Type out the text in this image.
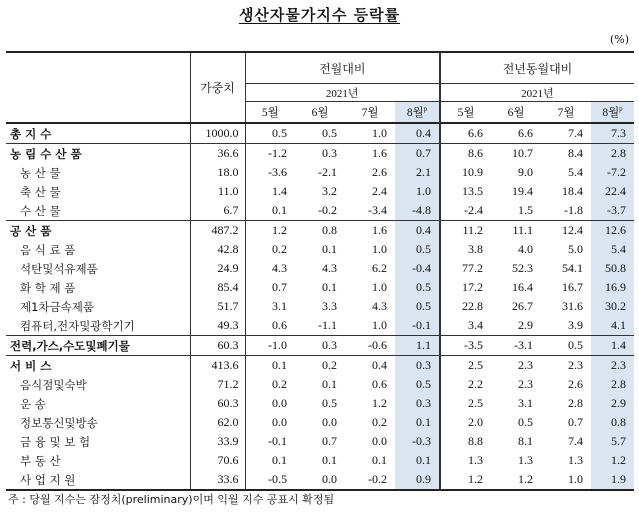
생산자물가지수 등락률
(%)
	가중치	전월대비				전년동월대비			
		2021년				2021년			
		5월	6월	7월	8월$^p$	5월	6월	7월	8월$^p$
총 지 수	1000.0	0.5	0.5	1.0	0.4	6.6	6.6	7.4	7.3
농 림 수 산 품	36.6	-1.2	0.3	1.6	0.7	8.6	10.7	8.4	2.8
농 산 물	18.0	-3.6	-2.1	2.6	2.1	10.9	9.0	5.4	-7.2
축 산 물	11.0	1.4	3.2	2.4	1.0	13.5	19.4	18.4	22.4
수 산 물	6.7	0.1	-0.2	-3.4	-4.8	-2.4	1.5	-1.8	-3.7
공 산 품	487.2	1.2	0.8	1.6	0.4	11.2	11.1	12.4	12.6
음 식 료 품	42.8	0.2	0.1	1.0	0.5	3.8	4.0	5.0	5.4
석탄및석유제품	24.9	4.3	4.3	6.2	-0.4	77.2	52.3	54.1	50.8
화 학 제 품	85.4	0.7	0.1	1.0	0.5	17.2	16.4	16.7	16.9
제1차금속제품	51.7	3.1	3.3	4.3	0.5	22.8	26.7	31.6	30.2
컴퓨터,전자및광학기기	49.3	0.6	-1.1	1.0	-0.1	3.4	2.9	3.9	4.1
전력,가스,수도및폐기물	60.3	-1.0	0.3	-0.6	1.1	-3.5	-3.1	0.5	1.4
서 비 스	413.6	0.1	0.2	0.4	0.3	2.5	2.3	2.3	2.3
음식점및숙박	71.2	0.2	0.1	0.6	0.5	2.2	2.3	2.6	2.8
운 송	60.3	0.0	0.5	1.2	0.3	2.5	3.1	2.8	2.9
정보통신및방송	62.0	0.0	0.0	0.2	0.1	2.0	0.5	0.7	0.8
금 융 및 보 험	33.9	-0.1	0.7	0.0	-0.3	8.8	8.1	7.4	5.7
부 동 산	70.6	0.1	0.1	0.1	0.1	1.3	1.3	1.3	1.2
사 업 지 원	33.6	-0.5	0.0	-0.2	0.9	1.2	1.2	1.0	1.9
주 : 당월 지수는 잠정치(preliminary)이며 익월 지수 공표시 확정됨
